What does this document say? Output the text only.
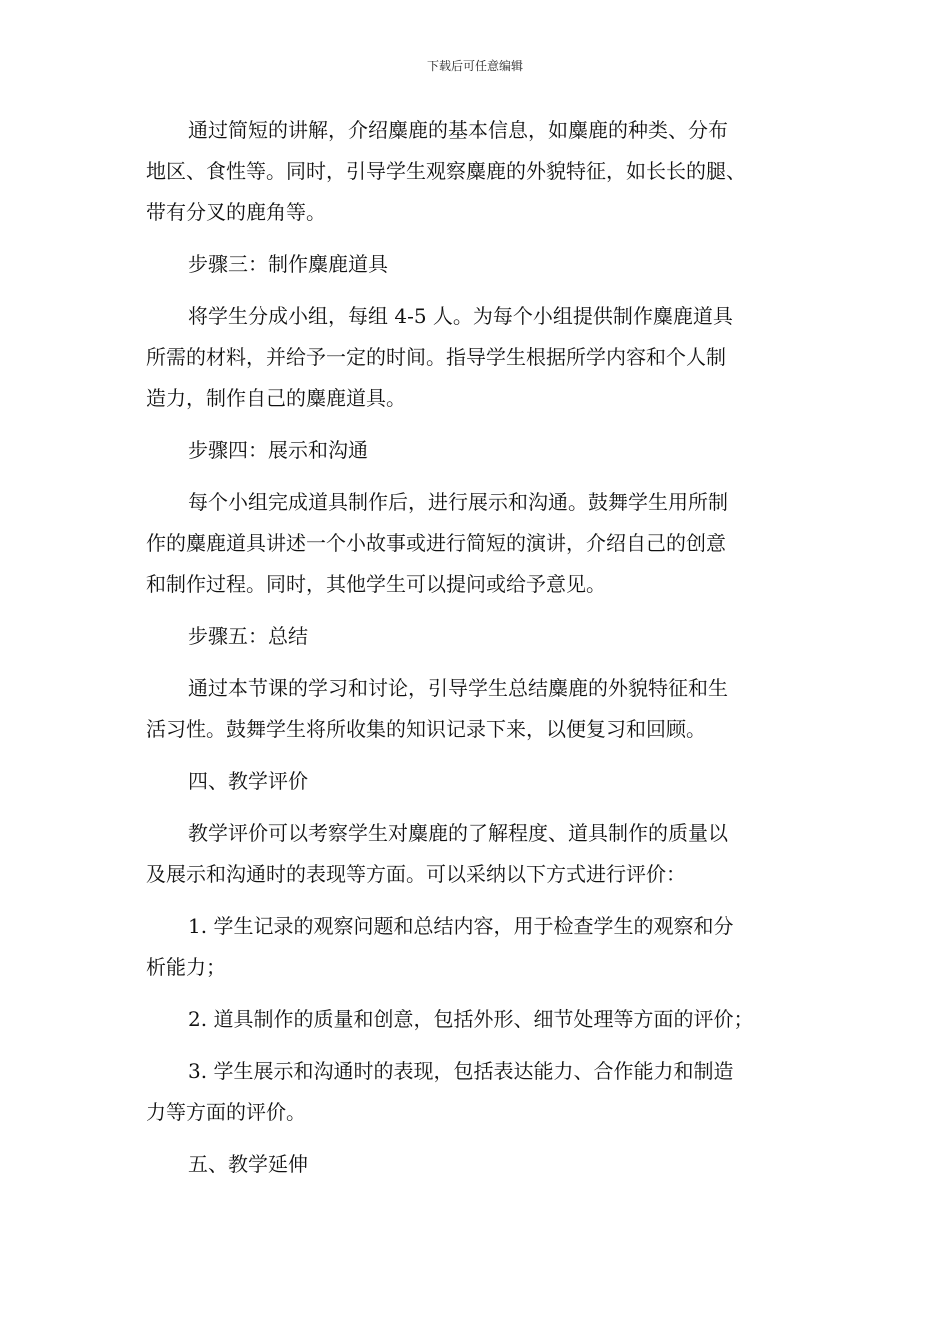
下载后可任意编辑
通过简短的讲解，介绍麋鹿的基本信息，如麋鹿的种类、分布
地区、食性等。同时，引导学生观察麋鹿的外貌特征，如长长的腿、
带有分叉的鹿角等。
步骤三：制作麋鹿道具
将学生分成小组，每组 4-5 人。为每个小组提供制作麋鹿道具
所需的材料，并给予一定的时间。指导学生根据所学内容和个人制
造力，制作自己的麋鹿道具。
步骤四：展示和沟通
每个小组完成道具制作后，进行展示和沟通。鼓舞学生用所制
作的麋鹿道具讲述一个小故事或进行简短的演讲，介绍自己的创意
和制作过程。同时，其他学生可以提问或给予意见。
步骤五：总结
通过本节课的学习和讨论，引导学生总结麋鹿的外貌特征和生
活习性。鼓舞学生将所收集的知识记录下来，以便复习和回顾。
四、教学评价
教学评价可以考察学生对麋鹿的了解程度、道具制作的质量以
及展示和沟通时的表现等方面。可以采纳以下方式进行评价：
1. 学生记录的观察问题和总结内容，用于检查学生的观察和分
析能力；
2. 道具制作的质量和创意，包括外形、细节处理等方面的评价；
3. 学生展示和沟通时的表现，包括表达能力、合作能力和制造
力等方面的评价。
五、教学延伸
